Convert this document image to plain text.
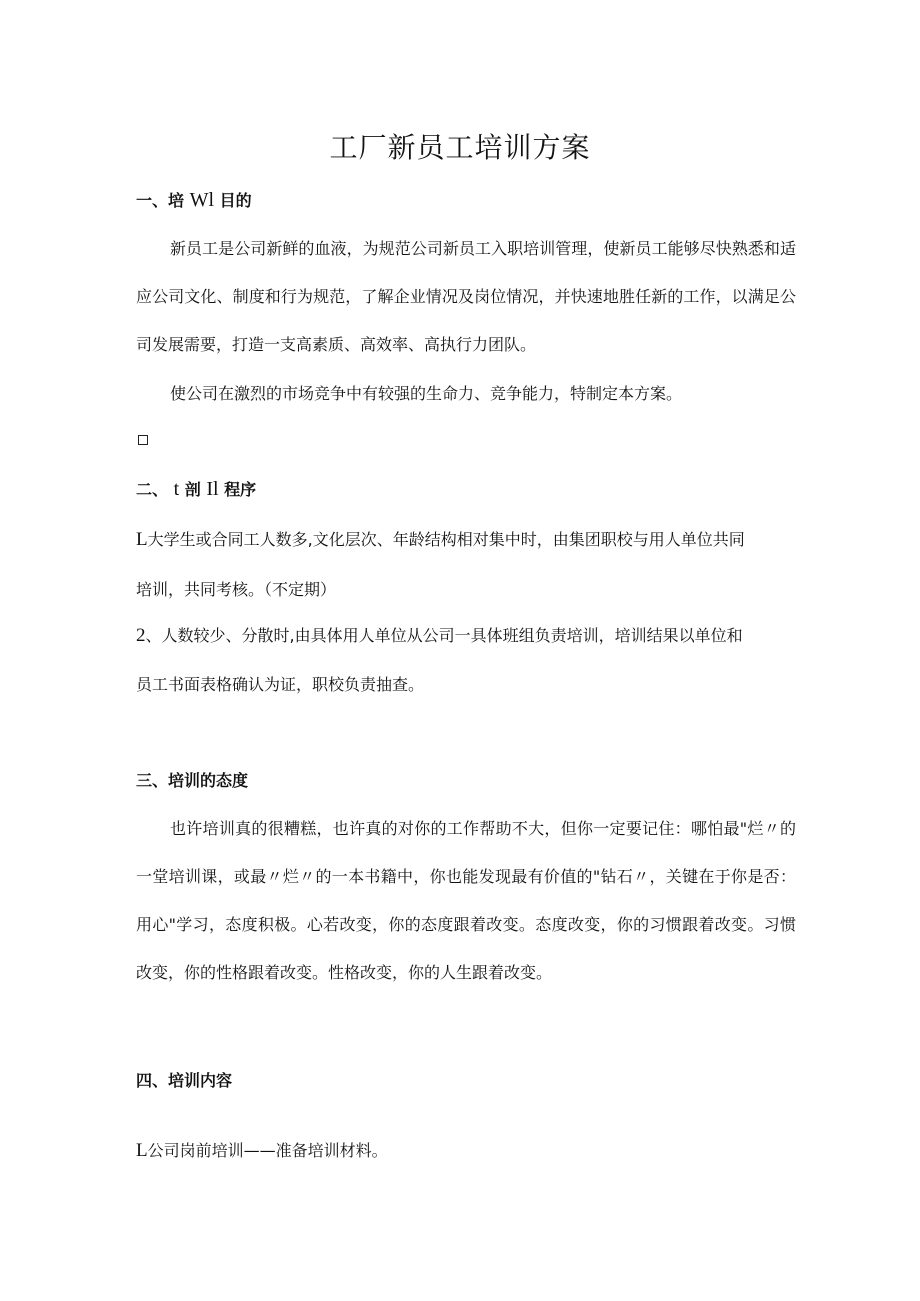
工厂新员工培训方案
一、培 Wl 目的

新员工是公司新鲜的血液，为规范公司新员工入职培训管理，使新员工能够尽快熟悉和适应公司文化、制度和行为规范，了解企业情况及岗位情况，并快速地胜任新的工作，以满足公司发展需要，打造一支高素质、高效率、高执行力团队。

使公司在激烈的市场竞争中有较强的生命力、竞争能力，特制定本方案。

二、 t 剖 Il 程序
L大学生或合同工人数多,文化层次、年龄结构相对集中时，由集团职校与用人单位共同
培训，共同考核。（不定期）
2、人数较少、分散时,由具体用人单位从公司一具体班组负责培训，培训结果以单位和
员工书面表格确认为证，职校负责抽查。
三、培训的态度

也许培训真的很糟糕，也许真的对你的工作帮助不大，但你一定要记住：哪怕最"烂〃的一堂培训课，或最〃烂〃的一本书籍中，你也能发现最有价值的"钻石〃，关键在于你是否：用心"学习，态度积极。心若改变，你的态度跟着改变。态度改变，你的习惯跟着改变。习惯改变，你的性格跟着改变。性格改变，你的人生跟着改变。

四、培训内容
L公司岗前培训——准备培训材料。
